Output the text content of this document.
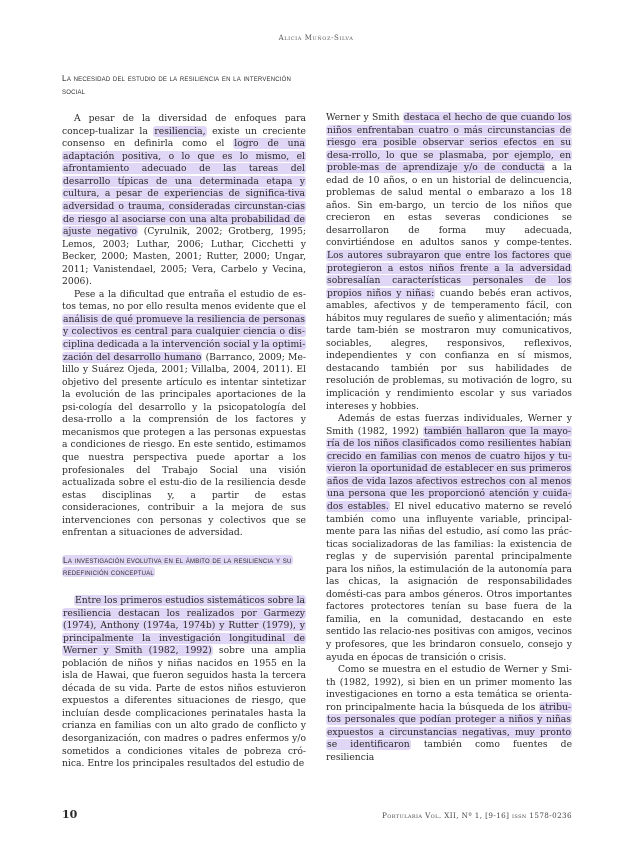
Alicia Muñoz-Silva
La necesidad del estudio de la resiliencia en la intervención social

A pesar de la diversidad de enfoques para concep-tualizar la resiliencia, existe un creciente consenso en definirla como el logro de una adaptación positiva, o lo que es lo mismo, el afrontamiento adecuado de las tareas del desarrollo típicas de una determinada etapa y cultura, a pesar de experiencias de significa-tiva adversidad o trauma, consideradas circunstan-cias de riesgo al asociarse con una alta probabilidad de ajuste negativo (Cyrulnik, 2002; Grotberg, 1995; Lemos, 2003; Luthar, 2006; Luthar, Cicchetti y Becker, 2000; Masten, 2001; Rutter, 2000; Ungar, 2011; Vanistendael, 2005; Vera, Carbelo y Vecina, 2006).

Pese a la dificultad que entraña el estudio de es-tos temas, no por ello resulta menos evidente que el análisis de qué promueve la resiliencia de personas y colectivos es central para cualquier ciencia o dis-ciplina dedicada a la intervención social y la optimi-zación del desarrollo humano (Barranco, 2009; Me-lillo y Suárez Ojeda, 2001; Villalba, 2004, 2011). El objetivo del presente artículo es intentar sintetizar la evolución de las principales aportaciones de la psi-cología del desarrollo y la psicopatología del desa-rrollo a la comprensión de los factores y mecanismos que protegen a las personas expuestas a condiciones de riesgo. En este sentido, estimamos que nuestra perspectiva puede aportar a los profesionales del Trabajo Social una visión actualizada sobre el estu-dio de la resiliencia desde estas disciplinas y, a partir de estas consideraciones, contribuir a la mejora de sus intervenciones con personas y colectivos que se enfrentan a situaciones de adversidad.

La investigación evolutiva en el ámbito de la resiliencia y su redefinición conceptual

Entre los primeros estudios sistemáticos sobre la resiliencia destacan los realizados por Garmezy (1974), Anthony (1974a, 1974b) y Rutter (1979), y principalmente la investigación longitudinal de Werner y Smith (1982, 1992) sobre una amplia población de niños y niñas nacidos en 1955 en la isla de Hawai, que fueron seguidos hasta la tercera década de su vida. Parte de estos niños estuvieron expuestos a diferentes situaciones de riesgo, que incluían desde complicaciones perinatales hasta la crianza en familias con un alto grado de conflicto y desorganización, con madres o padres enfermos y/o sometidos a condiciones vitales de pobreza cró-nica. Entre los principales resultados del estudio de

Werner y Smith destaca el hecho de que cuando los niños enfrentaban cuatro o más circunstancias de riesgo era posible observar serios efectos en su desa-rrollo, lo que se plasmaba, por ejemplo, en proble-mas de aprendizaje y/o de conducta a la edad de 10 años, o en un historial de delincuencia, problemas de salud mental o embarazo a los 18 años. Sin em-bargo, un tercio de los niños que crecieron en estas severas condiciones se desarrollaron de forma muy adecuada, convirtiéndose en adultos sanos y compe-tentes. Los autores subrayaron que entre los factores que protegieron a estos niños frente a la adversidad sobresalían características personales de los propios niños y niñas: cuando bebés eran activos, amables, afectivos y de temperamento fácil, con hábitos muy regulares de sueño y alimentación; más tarde tam-bién se mostraron muy comunicativos, sociables, alegres, responsivos, reflexivos, independientes y con confianza en sí mismos, destacando también por sus habilidades de resolución de problemas, su motivación de logro, su implicación y rendimiento escolar y sus variados intereses y hobbies.

Además de estas fuerzas individuales, Werner y Smith (1982, 1992) también hallaron que la mayo-ría de los niños clasificados como resilientes habían crecido en familias con menos de cuatro hijos y tu-vieron la oportunidad de establecer en sus primeros años de vida lazos afectivos estrechos con al menos una persona que les proporcionó atención y cuida-dos estables. El nivel educativo materno se reveló también como una influyente variable, principal-mente para las niñas del estudio, así como las prác-ticas socializadoras de las familias: la existencia de reglas y de supervisión parental principalmente para los niños, la estimulación de la autonomía para las chicas, la asignación de responsabilidades domésti-cas para ambos géneros. Otros importantes factores protectores tenían su base fuera de la familia, en la comunidad, destacando en este sentido las relacio-nes positivas con amigos, vecinos y profesores, que les brindaron consuelo, consejo y ayuda en épocas de transición o crisis.

Como se muestra en el estudio de Werner y Smi-th (1982, 1992), si bien en un primer momento las investigaciones en torno a esta temática se orienta-ron principalmente hacia la búsqueda de los atribu-tos personales que podían proteger a niños y niñas expuestos a circunstancias negativas, muy pronto se identificaron también como fuentes de resiliencia

10	Portularia Vol. XII, Nº 1, [9-16] issn 1578-0236
